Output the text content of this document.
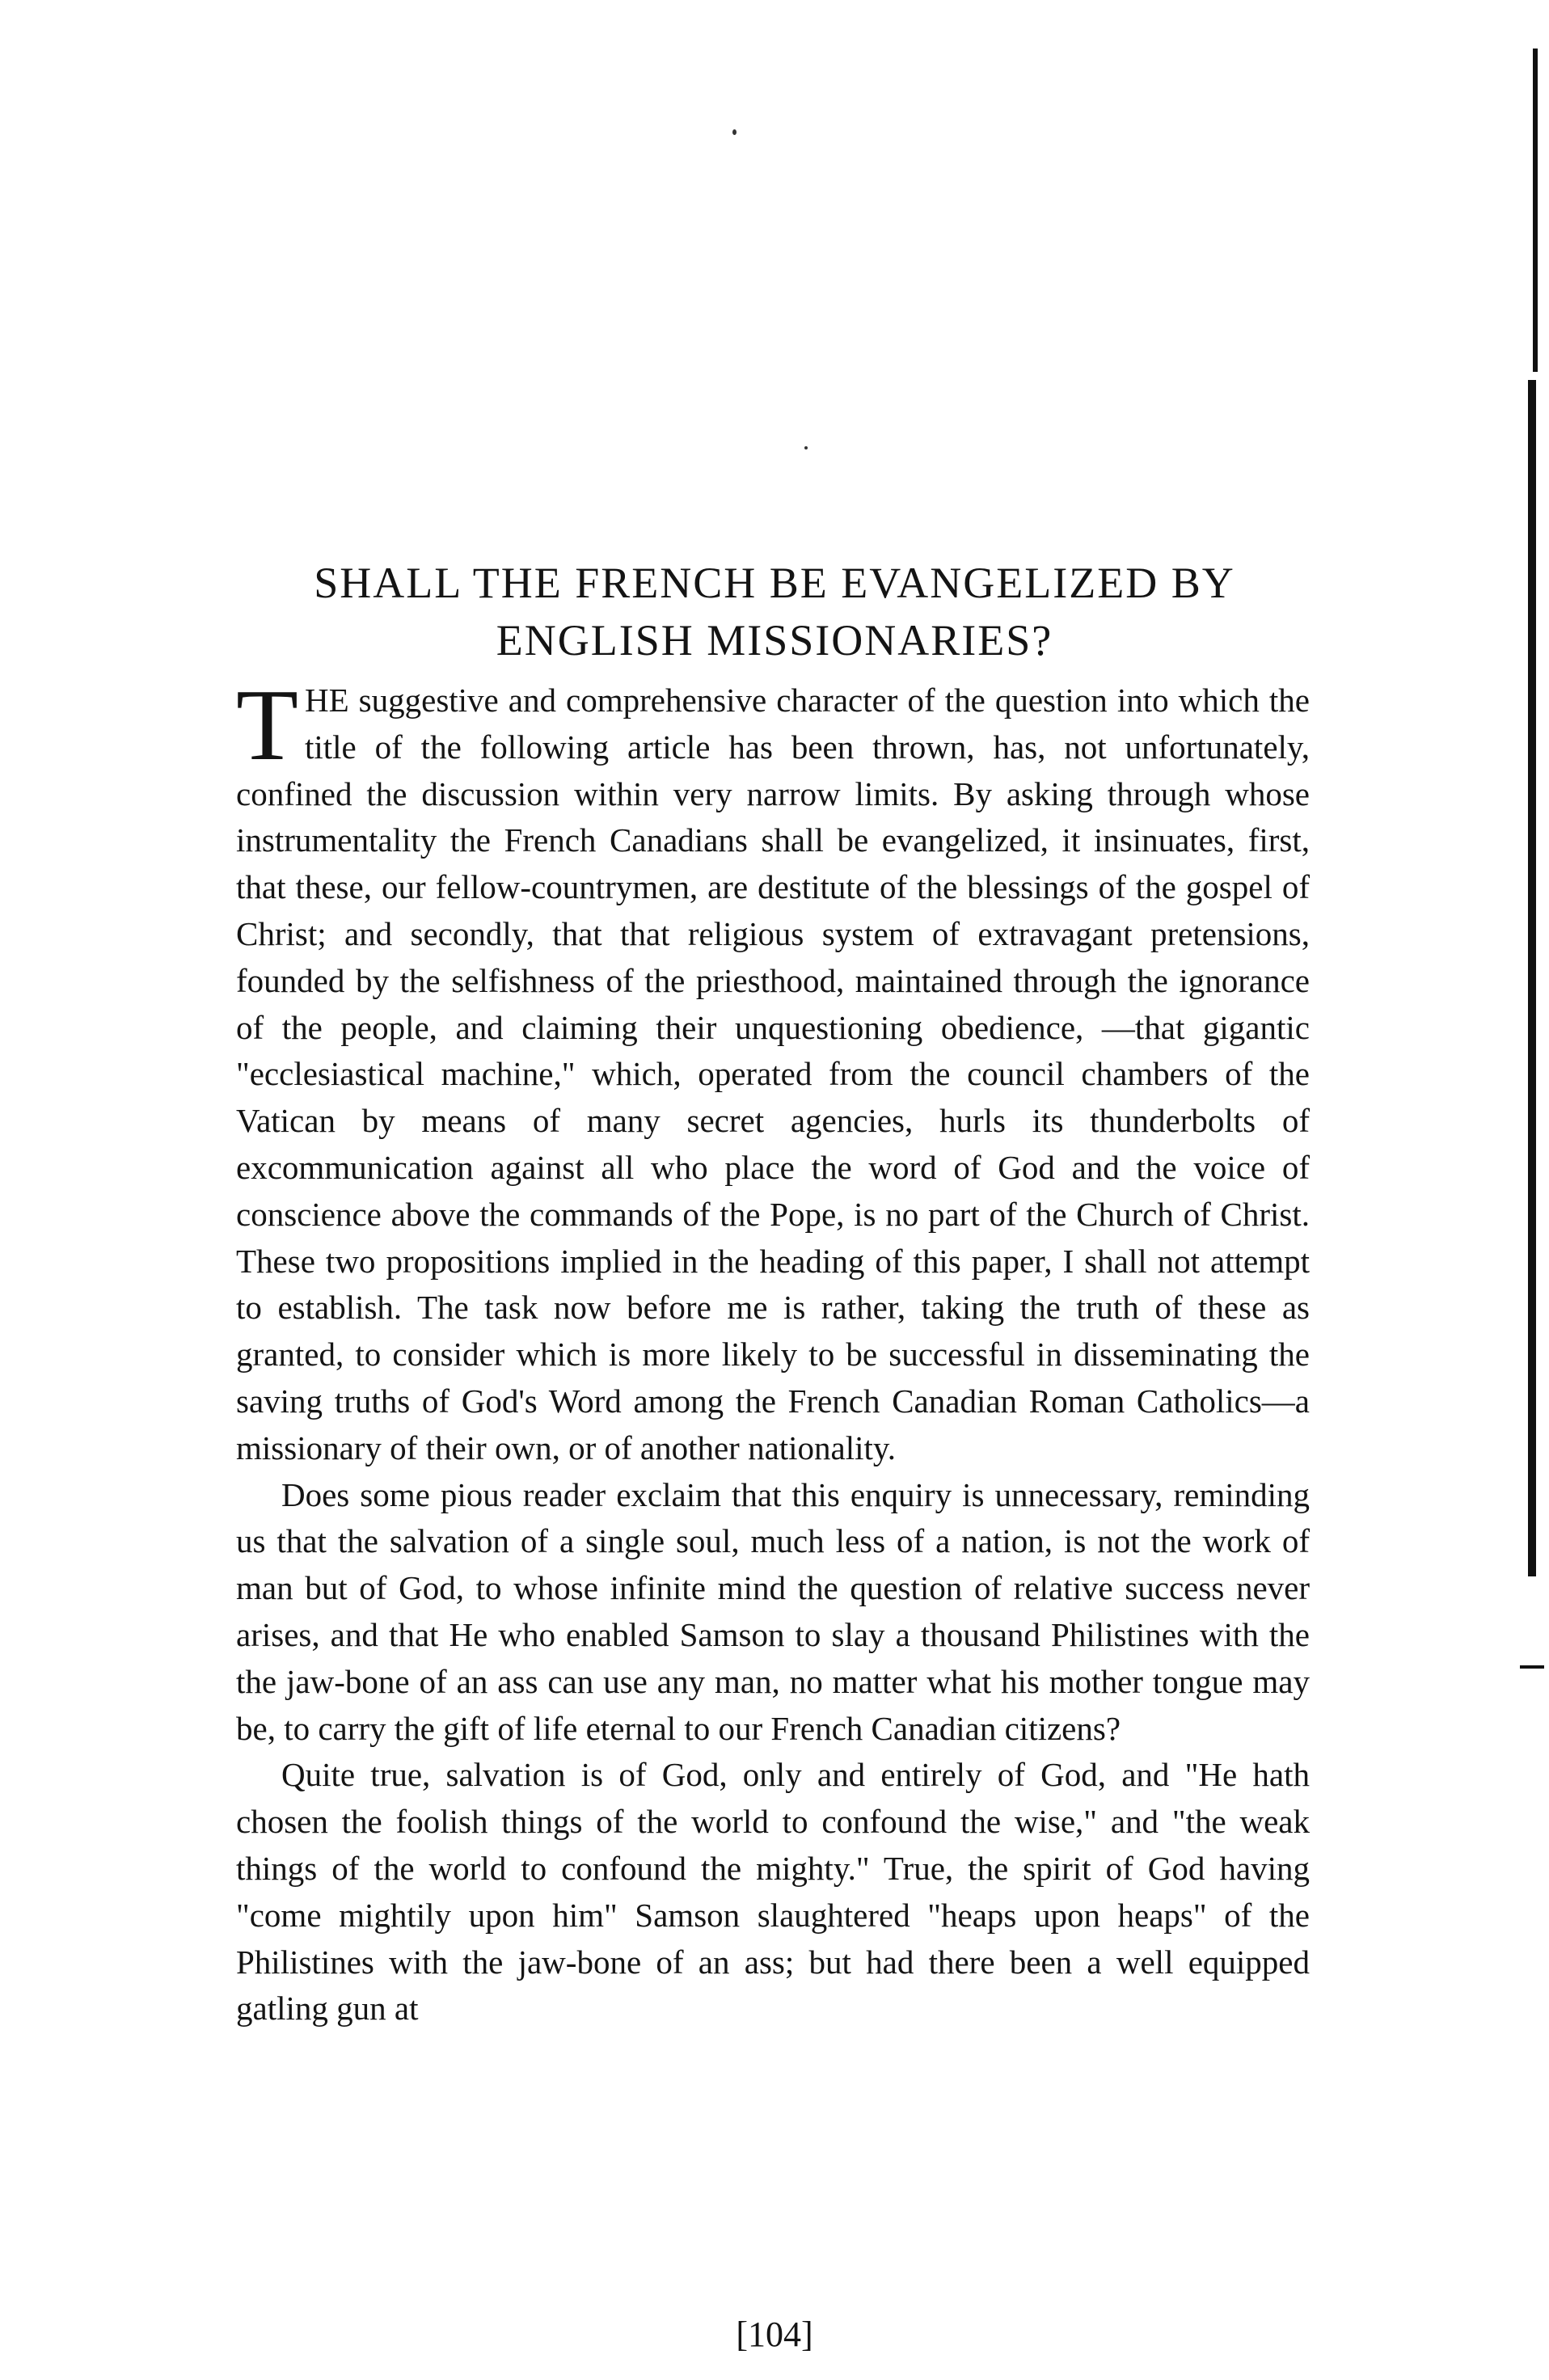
SHALL THE FRENCH BE EVANGELIZED BY
ENGLISH MISSIONARIES?

THE suggestive and comprehensive character of the question into which the title of the following article has been thrown, has, not unfortunately, confined the discussion within very narrow limits. By asking through whose instrumentality the French Canadians shall be evangelized, it insinuates, first, that these, our fellow-countrymen, are destitute of the blessings of the gospel of Christ; and secondly, that that religious system of extravagant pretensions, founded by the selfishness of the priesthood, maintained through the ignorance of the people, and claiming their unquestioning obedience, —that gigantic "ecclesiastical machine," which, operated from the council chambers of the Vatican by means of many secret agencies, hurls its thunderbolts of excommunication against all who place the word of God and the voice of conscience above the commands of the Pope, is no part of the Church of Christ. These two propositions implied in the heading of this paper, I shall not attempt to establish. The task now before me is rather, taking the truth of these as granted, to consider which is more likely to be successful in disseminating the saving truths of God's Word among the French Canadian Roman Catholics—a missionary of their own, or of another nationality.

Does some pious reader exclaim that this enquiry is unnecessary, reminding us that the salvation of a single soul, much less of a nation, is not the work of man but of God, to whose infinite mind the question of relative success never arises, and that He who enabled Samson to slay a thousand Philistines with the the jaw-bone of an ass can use any man, no matter what his mother tongue may be, to carry the gift of life eternal to our French Canadian citizens?

Quite true, salvation is of God, only and entirely of God, and "He hath chosen the foolish things of the world to confound the wise," and "the weak things of the world to confound the mighty." True, the spirit of God having "come mightily upon him" Samson slaughtered "heaps upon heaps" of the Philistines with the jaw-bone of an ass; but had there been a well equipped gatling gun at

[104]
